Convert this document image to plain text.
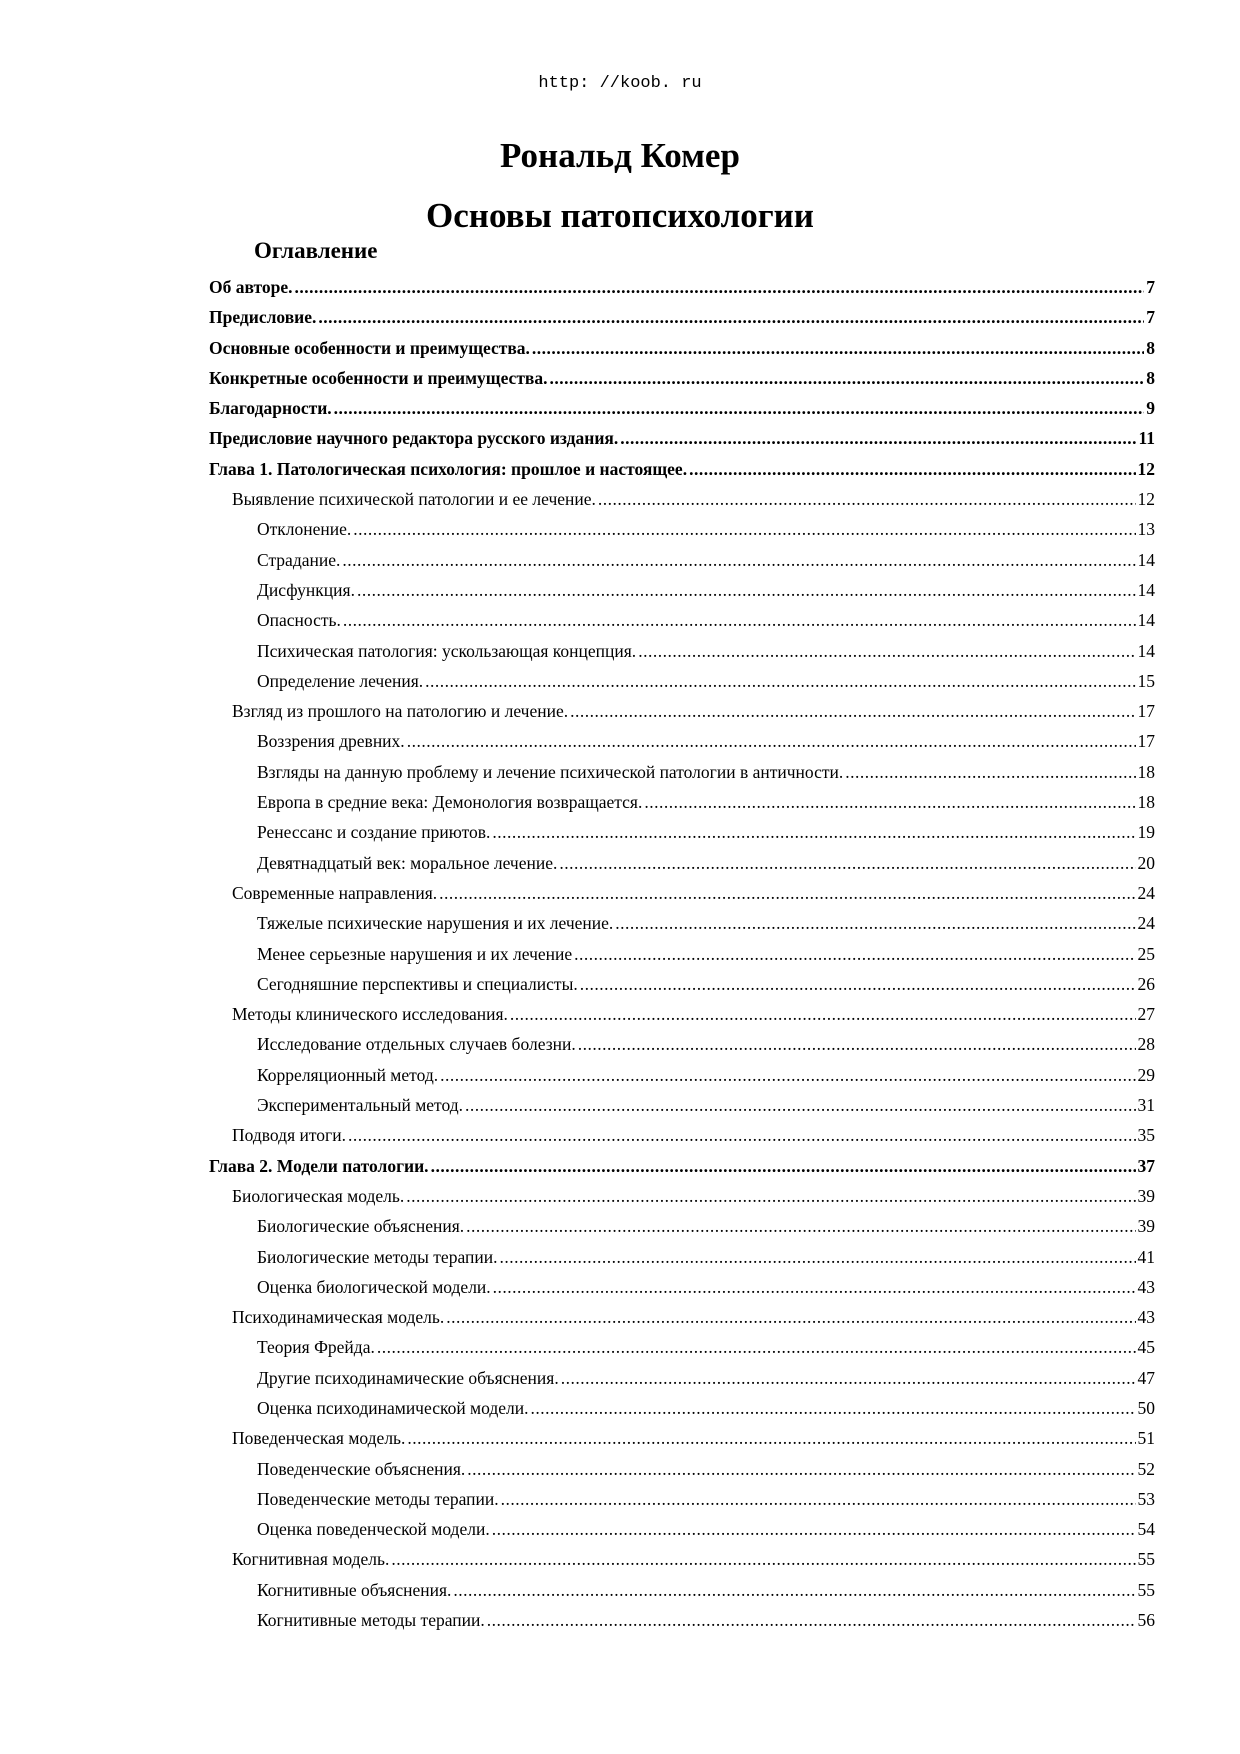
http: //koob. ru
Рональд Комер
Основы патопсихологии
Оглавление
Об авторе. .....	7
Предисловие. .....	7
Основные особенности и преимущества. .....	8
Конкретные особенности и преимущества. .....	8
Благодарности. .....	9
Предисловие научного редактора русского издания. .....	11
Глава 1. Патологическая психология: прошлое и настоящее. .....	12
Выявление психической патологии и ее лечение. .....	12
Отклонение. .....	13
Страдание. .....	14
Дисфункция. .....	14
Опасность. .....	14
Психическая патология: ускользающая концепция. .....	14
Определение лечения. .....	15
Взгляд из прошлого на патологию и лечение. .....	17
Воззрения древних. .....	17
Взгляды на данную проблему и лечение психической патологии в античности. .....	18
Европа в средние века: Демонология возвращается. .....	18
Ренессанс и создание приютов. .....	19
Девятнадцатый век: моральное лечение. .....	20
Современные направления. .....	24
Тяжелые психические нарушения и их лечение. .....	24
Менее серьезные нарушения и их лечение .....	25
Сегодняшние перспективы и специалисты. .....	26
Методы клинического исследования. .....	27
Исследование отдельных случаев болезни. .....	28
Корреляционный метод. .....	29
Экспериментальный метод. .....	31
Подводя итоги. .....	35
Глава 2. Модели патологии. .....	37
Биологическая модель. .....	39
Биологические объяснения. .....	39
Биологические методы терапии. .....	41
Оценка биологической модели. .....	43
Психодинамическая модель. .....	43
Теория Фрейда. .....	45
Другие психодинамические объяснения. .....	47
Оценка психодинамической модели. .....	50
Поведенческая модель. .....	51
Поведенческие объяснения. .....	52
Поведенческие методы терапии. .....	53
Оценка поведенческой модели. .....	54
Когнитивная модель. .....	55
Когнитивные объяснения. .....	55
Когнитивные методы терапии. .....	56
